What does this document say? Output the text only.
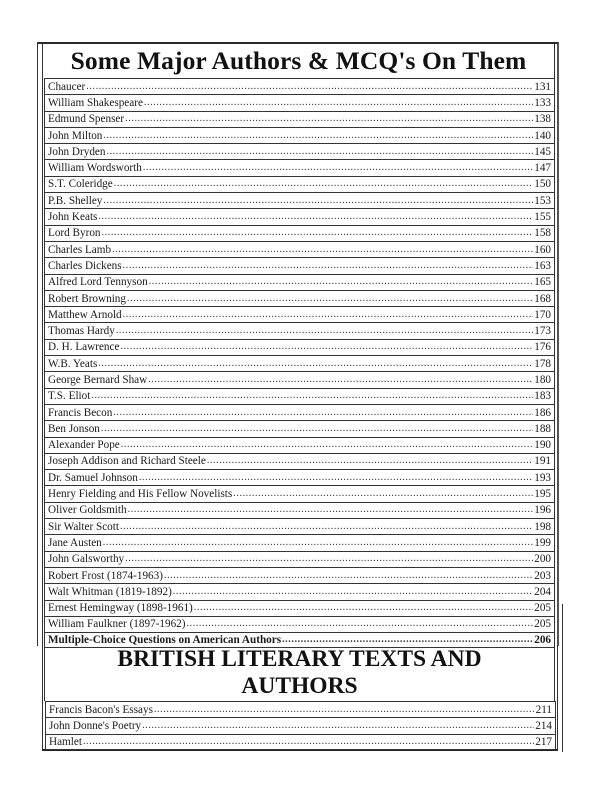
Some Major Authors & MCQ's On Them
Chaucer .....	131
William Shakespeare .....	133
Edmund Spenser .....	138
John Milton .....	140
John Dryden .....	145
William Wordsworth .....	147
S.T. Coleridge .....	150
P.B. Shelley .....	153
John Keats .....	155
Lord Byron .....	158
Charles Lamb .....	160
Charles Dickens .....	163
Alfred Lord Tennyson .....	165
Robert Browning .....	168
Matthew Arnold .....	170
Thomas Hardy .....	173
D. H. Lawrence .....	176
W.B. Yeats .....	178
George Bernard Shaw .....	180
T.S. Eliot .....	183
Francis Becon .....	186
Ben Jonson .....	188
Alexander Pope .....	190
Joseph Addison and Richard Steele .....	191
Dr. Samuel Johnson .....	193
Henry Fielding and His Fellow Novelists .....	195
Oliver Goldsmith .....	196
Sir Walter Scott .....	198
Jane Austen .....	199
John Galsworthy .....	200
Robert Frost (1874-1963) .....	203
Walt Whitman (1819-1892) .....	204
Ernest Hemingway (1898-1961) .....	205
William Faulkner (1897-1962) .....	205
Multiple-Choice Questions on American Authors .....	206
BRITISH LITERARY TEXTS AND
AUTHORS
Francis Bacon's Essays .....	211
John Donne's Poetry .....	214
Hamlet .....	217
